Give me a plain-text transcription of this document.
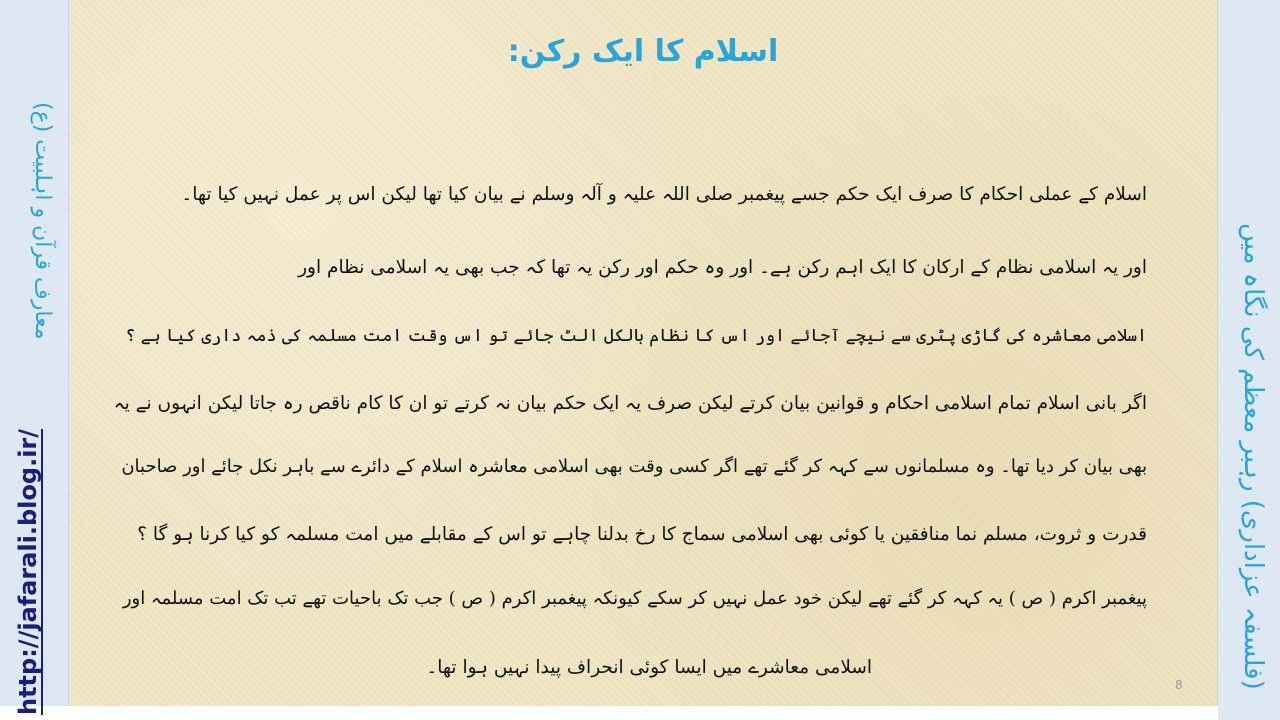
معارف قرآن و اہلبیت (ع)
http://jafarali.blog.ir/	(فلسفہ عزاداری) رہبر معظم کی نگاہ میں
اسلام کا ایک رکن:
اسلام کے عملی احکام کا صرف ایک حکم جسے پیغمبر صلی اللہ علیہ و آلہ وسلم نے بیان کیا تھا لیکن اس پر عمل نہیں کیا تھا۔
اور یہ اسلامی نظام کے ارکان کا ایک اہم رکن ہے۔ اور وہ حکم اور رکن یہ تھا کہ جب بھی یہ اسلامی نظام اور
اسلامی معاشرہ کی گاڑی پٹری سے نیچے آجائے اور اس کا نظام بالکل الٹ جائے تو اس وقت امت مسلمہ کی ذمہ داری کیا ہے ؟
اگر بانی اسلام تمام اسلامی احکام و قوانین بیان کرتے لیکن صرف یہ ایک حکم بیان نہ کرتے تو ان کا کام ناقص رہ جاتا لیکن انہوں نے یہ
بھی بیان کر دیا تھا۔ وہ مسلمانوں سے کہہ کر گئے تھے اگر کسی وقت بھی اسلامی معاشرہ اسلام کے دائرے سے باہر نکل جائے اور صاحبان
قدرت و ثروت، مسلم نما منافقین یا کوئی بھی اسلامی سماج کا رخ بدلنا چاہے تو اس کے مقابلے میں امت مسلمہ کو کیا کرنا ہو گا ؟
پیغمبر اکرم ( ص ) یہ کہہ کر گئے تھے لیکن خود عمل نہیں کر سکے کیونکہ پیغمبر اکرم ( ص ) جب تک باحیات تھے تب تک امت مسلمہ اور
اسلامی معاشرے میں ایسا کوئی انحراف پیدا نہیں ہوا تھا۔
8
